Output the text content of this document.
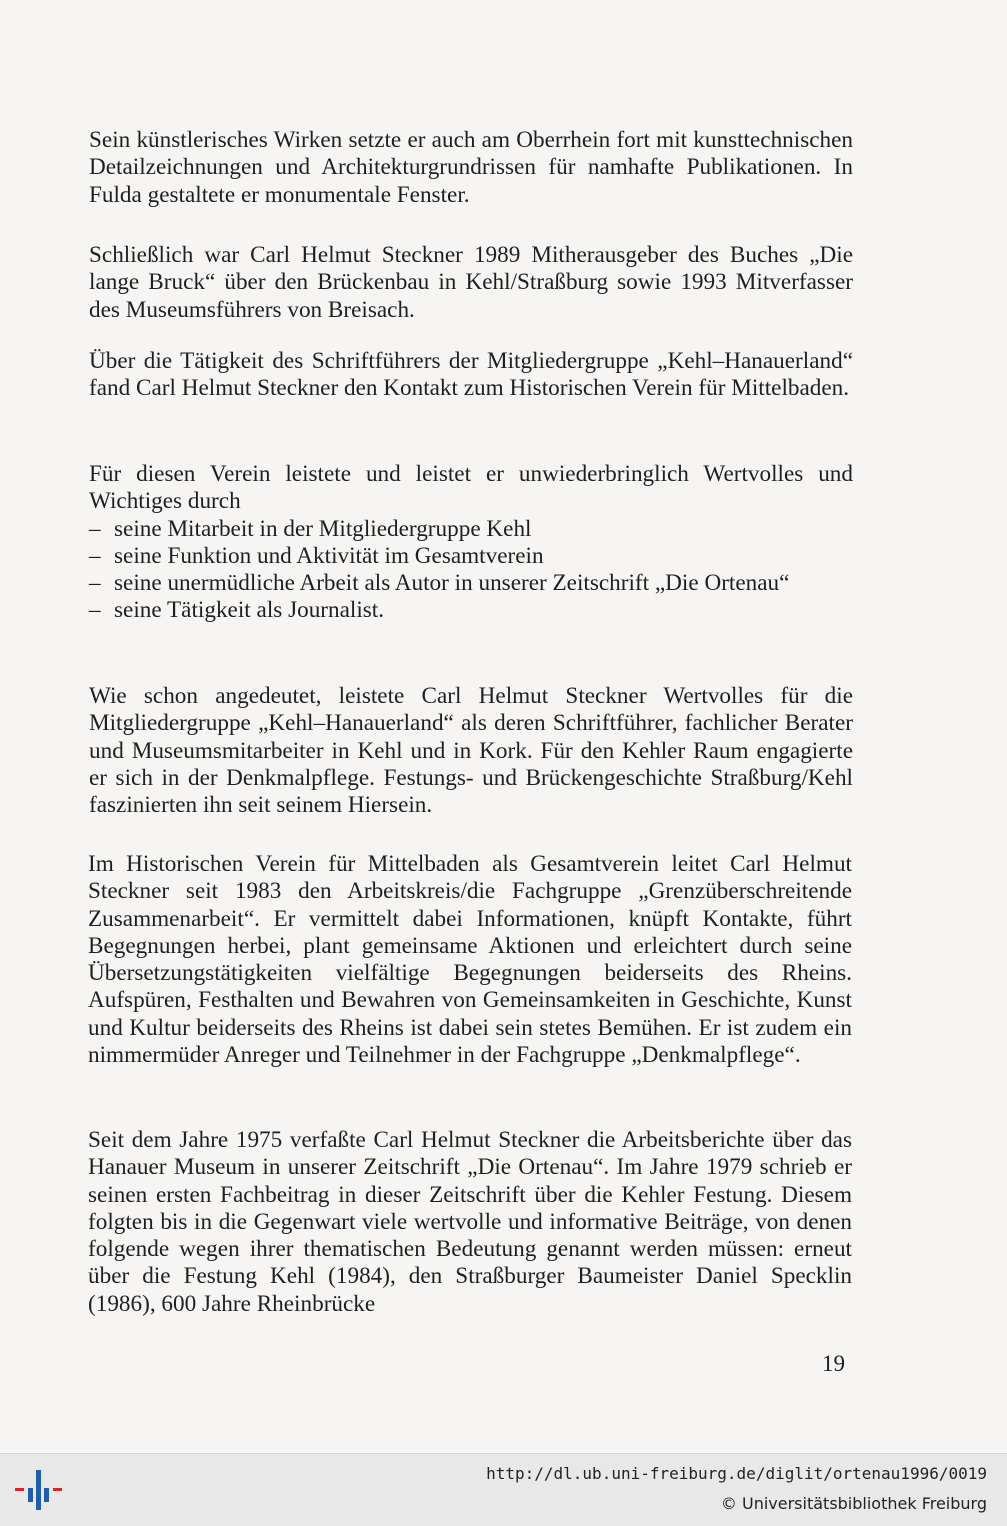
Sein künstlerisches Wirken setzte er auch am Oberrhein fort mit kunsttechnischen Detailzeichnungen und Architekturgrundrissen für namhafte Publikationen. In Fulda gestaltete er monumentale Fenster.

Schließlich war Carl Helmut Steckner 1989 Mitherausgeber des Buches „Die lange Bruck“ über den Brückenbau in Kehl/Straßburg sowie 1993 Mitverfasser des Museumsführers von Breisach.

Über die Tätigkeit des Schriftführers der Mitgliedergruppe „Kehl–Hanauerland“ fand Carl Helmut Steckner den Kontakt zum Historischen Verein für Mittelbaden.

Für diesen Verein leistete und leistet er unwiederbringlich Wertvolles und Wichtiges durch

– seine Mitarbeit in der Mitgliedergruppe Kehl
– seine Funktion und Aktivität im Gesamtverein
– seine unermüdliche Arbeit als Autor in unserer Zeitschrift „Die Ortenau“
– seine Tätigkeit als Journalist.

Wie schon angedeutet, leistete Carl Helmut Steckner Wertvolles für die Mitgliedergruppe „Kehl–Hanauerland“ als deren Schriftführer, fachlicher Berater und Museumsmitarbeiter in Kehl und in Kork. Für den Kehler Raum engagierte er sich in der Denkmalpflege. Festungs- und Brückengeschichte Straßburg/Kehl faszinierten ihn seit seinem Hiersein.

Im Historischen Verein für Mittelbaden als Gesamtverein leitet Carl Helmut Steckner seit 1983 den Arbeitskreis/die Fachgruppe „Grenzüberschreitende Zusammenarbeit“. Er vermittelt dabei Informationen, knüpft Kontakte, führt Begegnungen herbei, plant gemeinsame Aktionen und erleichtert durch seine Übersetzungstätigkeiten vielfältige Begegnungen beiderseits des Rheins. Aufspüren, Festhalten und Bewahren von Gemeinsamkeiten in Geschichte, Kunst und Kultur beiderseits des Rheins ist dabei sein stetes Bemühen. Er ist zudem ein nimmermüder Anreger und Teilnehmer in der Fachgruppe „Denkmalpflege“.

Seit dem Jahre 1975 verfaßte Carl Helmut Steckner die Arbeitsberichte über das Hanauer Museum in unserer Zeitschrift „Die Ortenau“. Im Jahre 1979 schrieb er seinen ersten Fachbeitrag in dieser Zeitschrift über die Kehler Festung. Diesem folgten bis in die Gegenwart viele wertvolle und informative Beiträge, von denen folgende wegen ihrer thematischen Bedeutung genannt werden müssen: erneut über die Festung Kehl (1984), den Straßburger Baumeister Daniel Specklin (1986), 600 Jahre Rheinbrücke

19
http://dl.ub.uni-freiburg.de/diglit/ortenau1996/0019
© Universitätsbibliothek Freiburg
